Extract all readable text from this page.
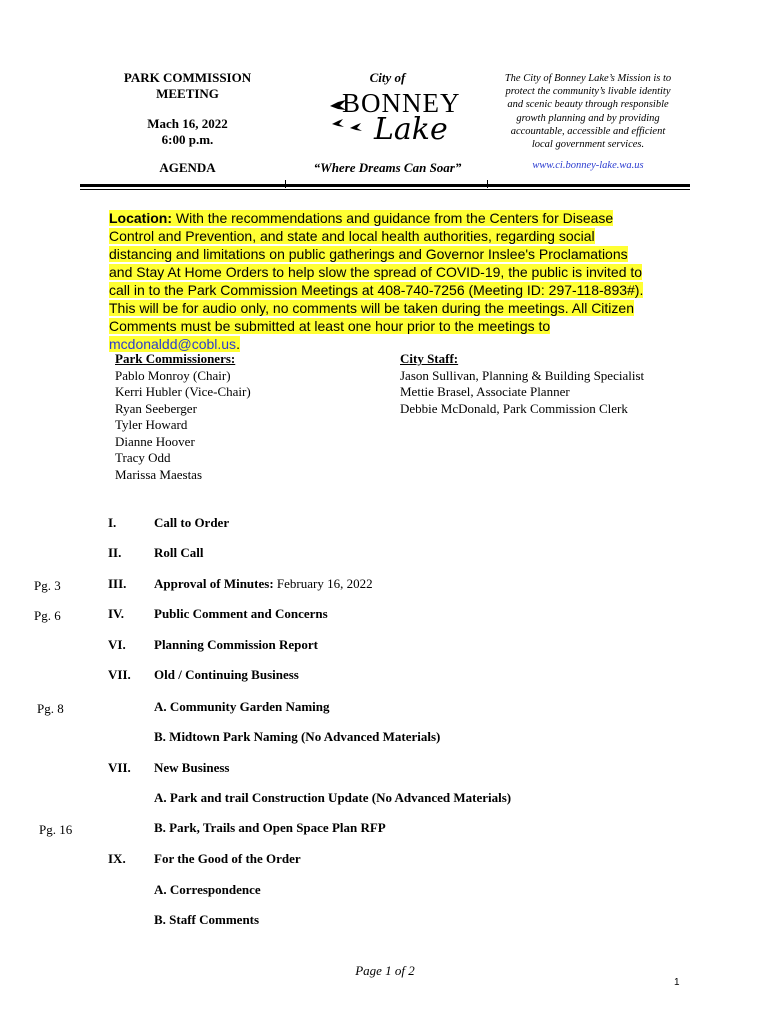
PARK COMMISSION
MEETING
Mach 16, 2022
6:00 p.m.
AGENDA
City of
BONNEY
Lake
“Where Dreams Can Soar”
The City of Bonney Lake’s Mission is to
protect the community’s livable identity
and scenic beauty through responsible
growth planning and by providing
accountable, accessible and efficient
local government services.
www.ci.bonney-lake.wa.us
Location: With the recommendations and guidance from the Centers for Disease Control and Prevention, and state and local health authorities, regarding social distancing and limitations on public gatherings and Governor Inslee's Proclamations and Stay At Home Orders to help slow the spread of COVID-19, the public is invited to call in to the Park Commission Meetings at 408-740-7256 (Meeting ID: 297-118-893#). This will be for audio only, no comments will be taken during the meetings. All Citizen Comments must be submitted at least one hour prior to the meetings to mcdonaldd@cobl.us.
Park Commissioners:
Pablo Monroy (Chair)
Kerri Hubler (Vice-Chair)
Ryan Seeberger
Tyler Howard
Dianne Hoover
Tracy Odd
Marissa Maestas
City Staff:
Jason Sullivan, Planning & Building Specialist
Mettie Brasel, Associate Planner
Debbie McDonald, Park Commission Clerk
I.	Call to Order
II.	Roll Call
Pg. 3	III. Approval of Minutes: February 16, 2022
Pg. 6	IV. Public Comment and Concerns
VI. Planning Commission Report
VII. Old / Continuing Business
Pg. 8	A. Community Garden Naming
B. Midtown Park Naming (No Advanced Materials)
VII. New Business
A. Park and trail Construction Update (No Advanced Materials)
Pg. 16	B. Park, Trails and Open Space Plan RFP
IX. For the Good of the Order
A. Correspondence
B. Staff Comments
Page 1 of 2
1
